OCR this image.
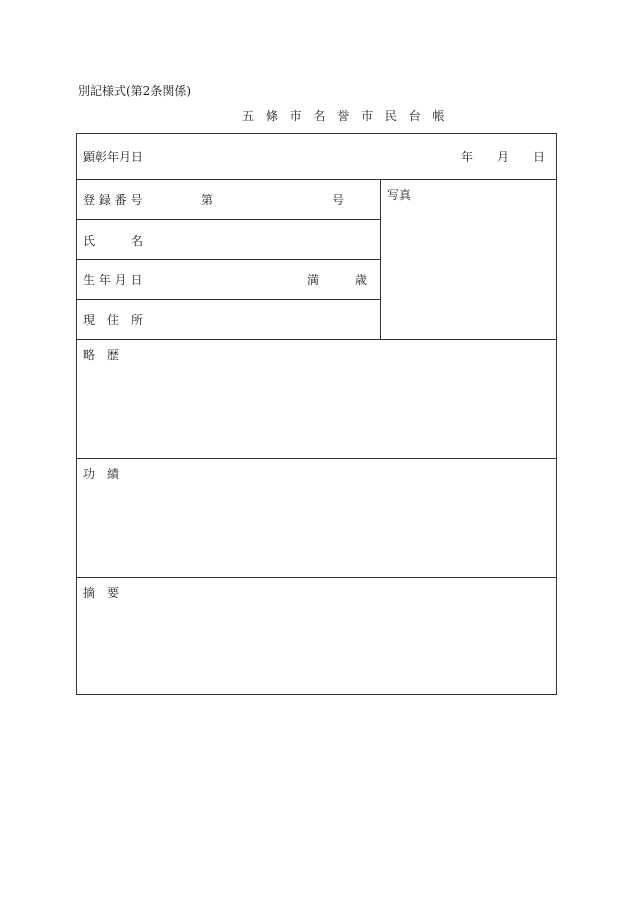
別記様式(第2条関係)
五 條 市 名 誉 市 民 台 帳
顕彰年月日	年 月 日
登 録 番 号	第	号	写真
氏　　　名
生 年 月 日	満	歳
現　住　所
略　歴
功　績
摘　要
